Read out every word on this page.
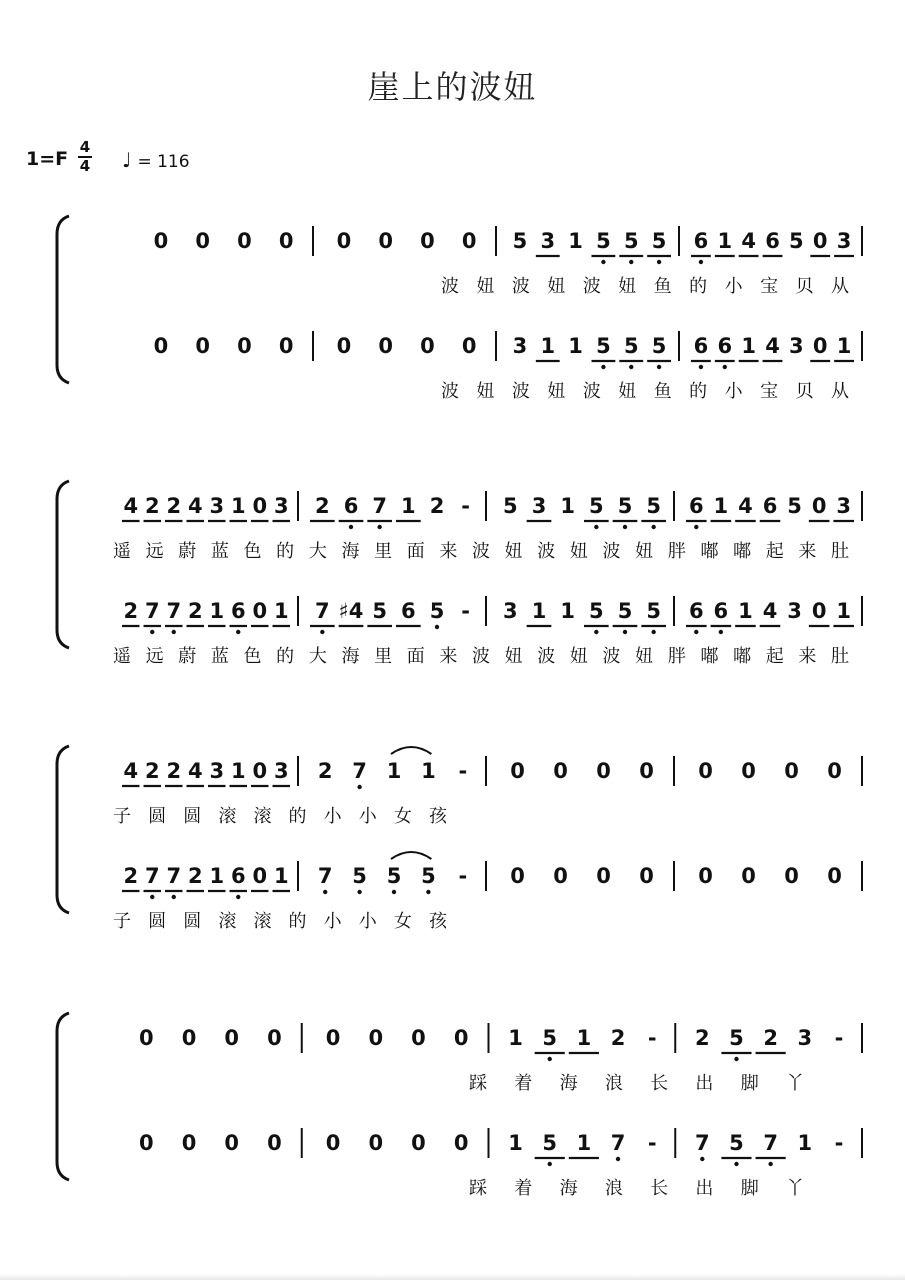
崖上的波妞
1=F
4
4 ♩ = 116
0 0 0 0 0 0 0 0 5 3 1 5 5 5 6 1 4 6 5 0 3
波 妞 波 妞 波 妞 鱼 的 小 宝 贝 从
0 0 0 0 0 0 0 0 3 1 1 5 5 5 6 6 1 4 3 0 1
波 妞 波 妞 波 妞 鱼 的 小 宝 贝 从
4 2 2 4 3 1 0 3 2 6 7 1 2 - 5 3 1 5 5 5 6 1 4 6 5 0 3
遥 远 蔚 蓝 色 的 大 海 里 面 来 波 妞 波 妞 波 妞 胖 嘟 嘟 起 来 肚
2 7 7 2 1 6 0 1 7 ♯4 5 6 5 - 3 1 1 5 5 5 6 6 1 4 3 0 1
遥 远 蔚 蓝 色 的 大 海 里 面 来 波 妞 波 妞 波 妞 胖 嘟 嘟 起 来 肚
4 2 2 4 3 1 0 3 2 7 1 1 - 0 0 0 0 0 0 0 0
子 圆 圆 滚 滚 的 小 小 女 孩
2 7 7 2 1 6 0 1 7 5 5 5 - 0 0 0 0 0 0 0 0
子 圆 圆 滚 滚 的 小 小 女 孩
0 0 0 0 0 0 0 0 1 5 1 2 - 2 5 2 3 -
踩 着 海 浪 长 出 脚 丫
0 0 0 0 0 0 0 0 1 5 1 7 - 7 5 7 1 -
踩 着 海 浪 长 出 脚 丫
